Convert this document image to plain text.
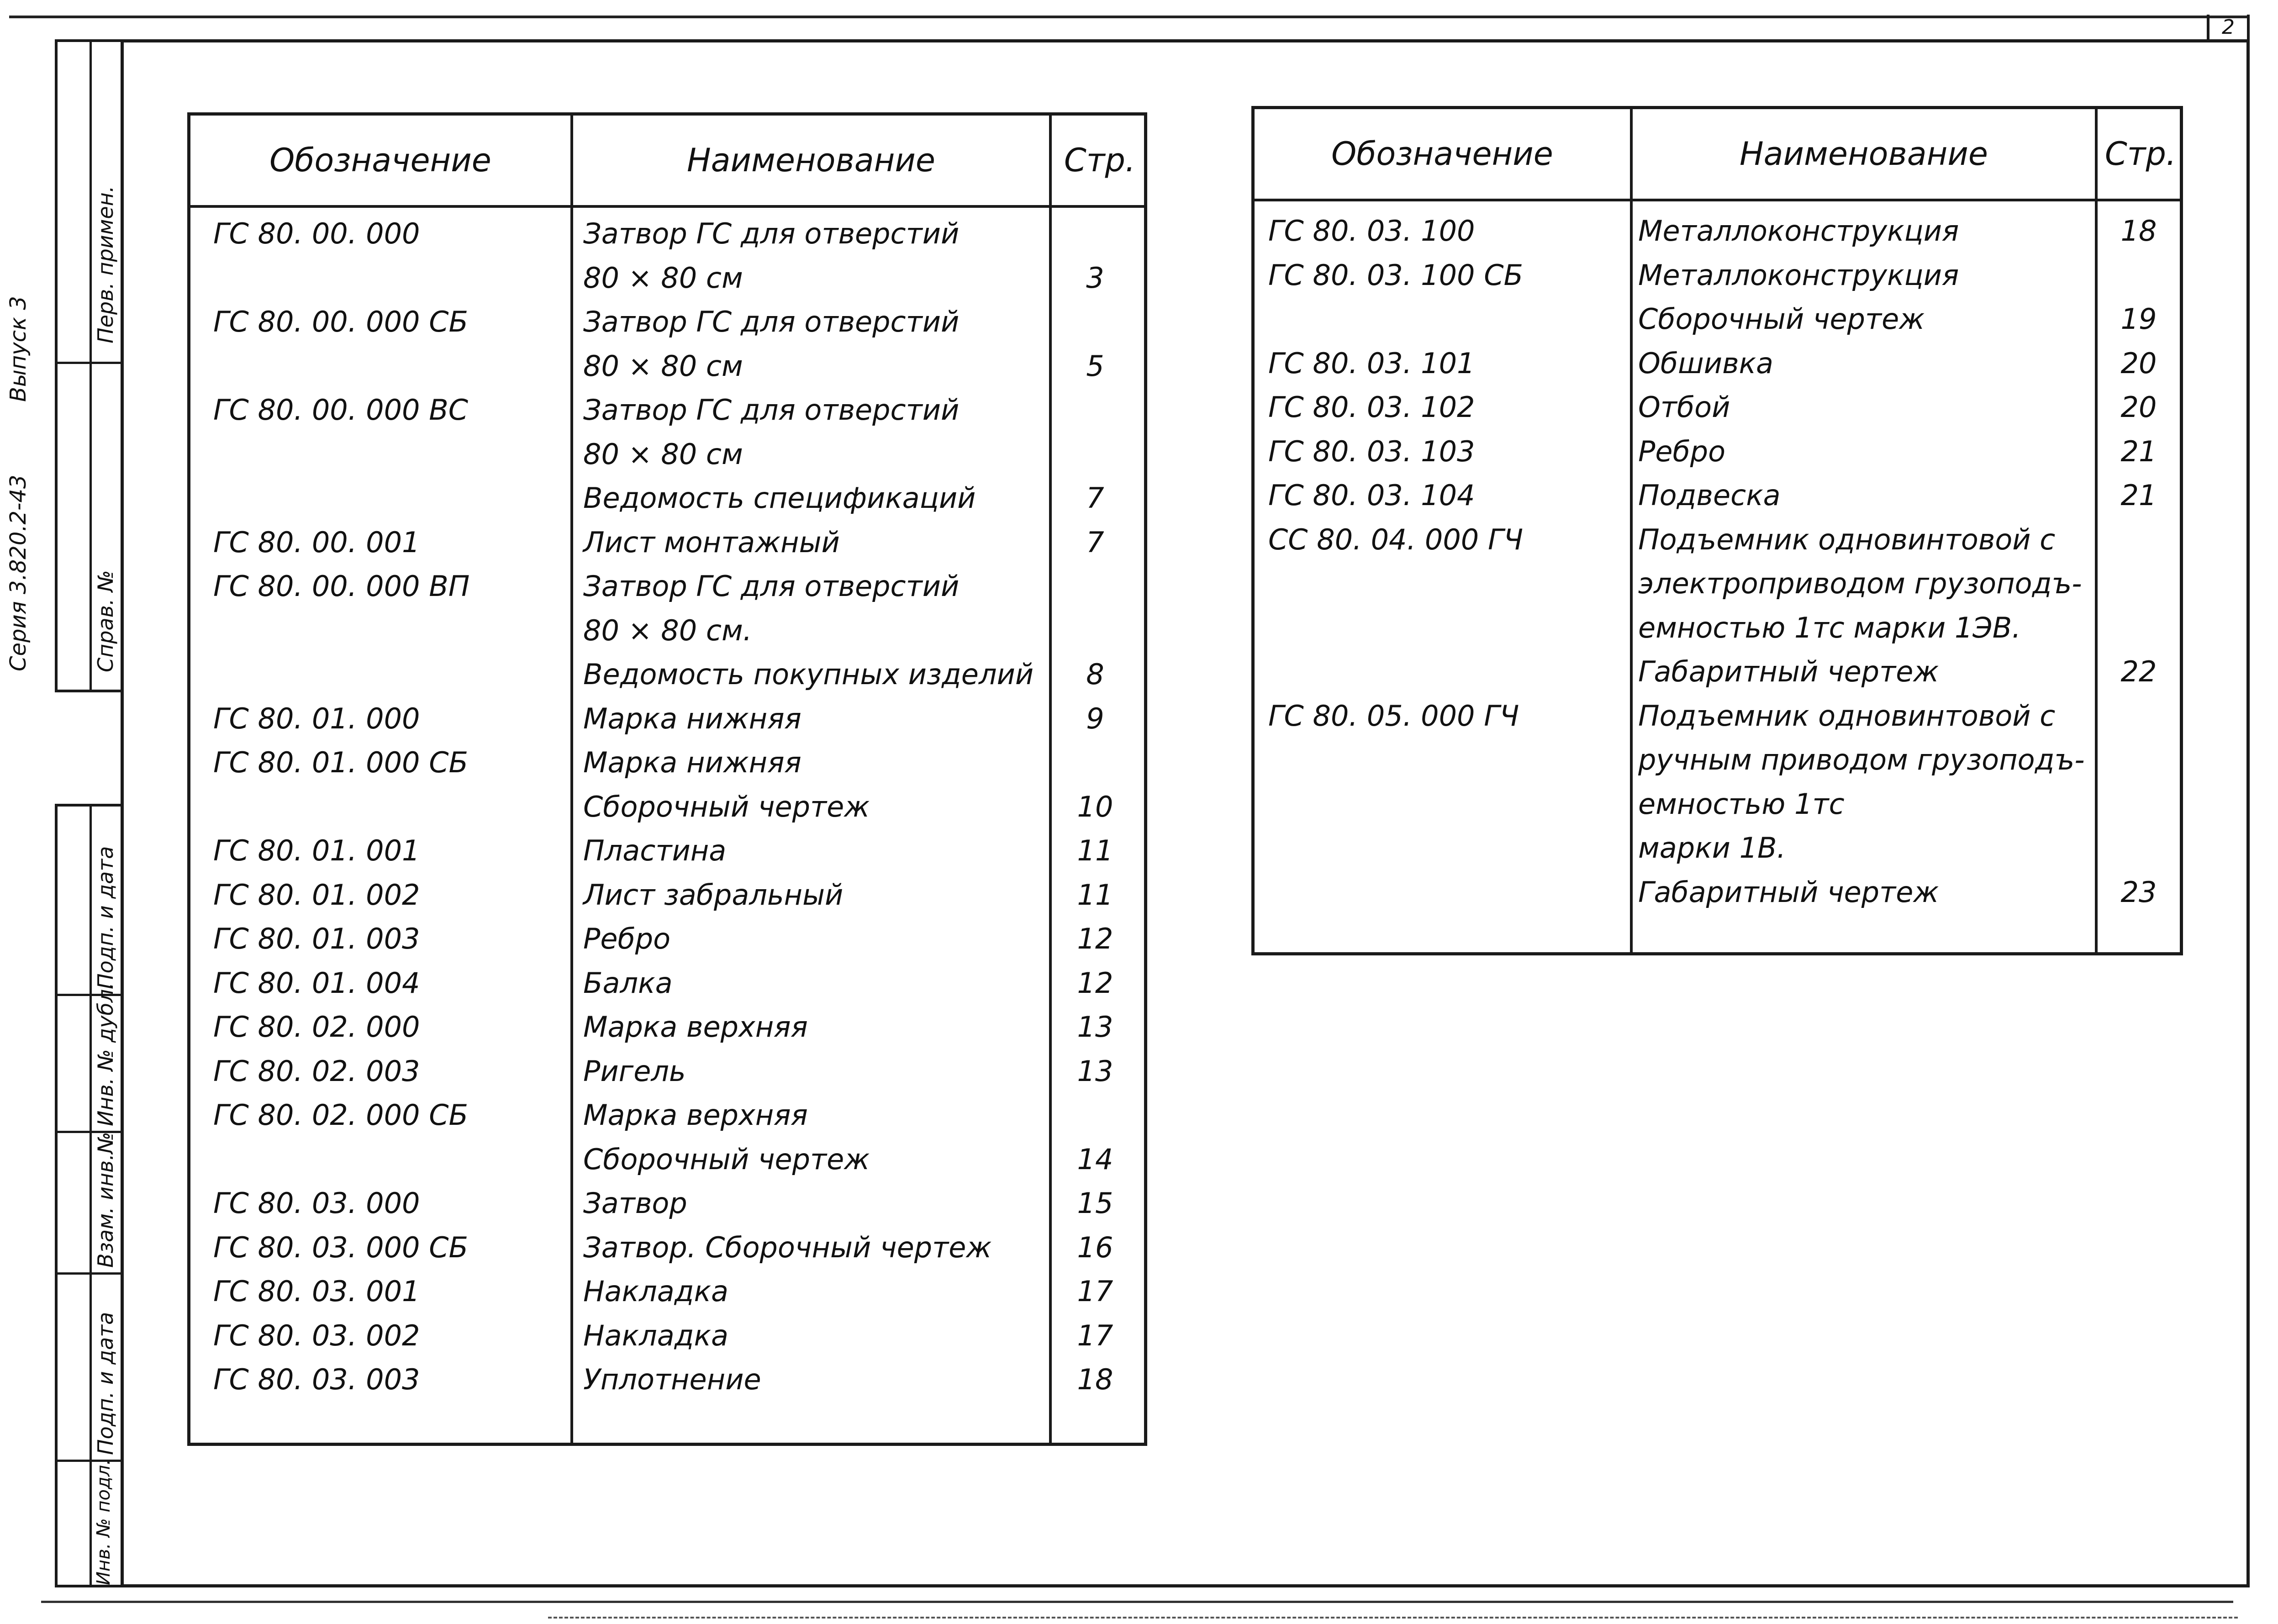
2
Перв. примен.
Справ. №
Выпуск 3
Серия 3.820.2-43
Подп. и дата
Инв. № дубл.
Взам. инв.№
Подп. и дата
Инв. № подл.
Обозначение	Наименование	Стр.
ГС 80. 00. 000	Затвор ГС для отверстий
80 × 80 см	3
ГС 80. 00. 000 СБ	Затвор ГС для отверстий
80 × 80 см	5
ГС 80. 00. 000 ВС	Затвор ГС для отверстий
80 × 80 см
Ведомость спецификаций	7
ГС 80. 00. 001	Лист монтажный	7
ГС 80. 00. 000 ВП	Затвор ГС для отверстий
80 × 80 см.
Ведомость покупных изделий	8
ГС 80. 01. 000	Марка нижняя	9
ГС 80. 01. 000 СБ	Марка нижняя
Сборочный чертеж	10
ГС 80. 01. 001	Пластина	11
ГС 80. 01. 002	Лист забральный	11
ГС 80. 01. 003	Ребро	12
ГС 80. 01. 004	Балка	12
ГС 80. 02. 000	Марка верхняя	13
ГС 80. 02. 003	Ригель	13
ГС 80. 02. 000 СБ	Марка верхняя
Сборочный чертеж	14
ГС 80. 03. 000	Затвор	15
ГС 80. 03. 000 СБ	Затвор. Сборочный чертеж	16
ГС 80. 03. 001	Накладка	17
ГС 80. 03. 002	Накладка	17
ГС 80. 03. 003	Уплотнение	18
Обозначение	Наименование	Стр.
ГС 80. 03. 100	Металлоконструкция	18
ГС 80. 03. 100 СБ	Металлоконструкция
Сборочный чертеж	19
ГС 80. 03. 101	Обшивка	20
ГС 80. 03. 102	Отбой	20
ГС 80. 03. 103	Ребро	21
ГС 80. 03. 104	Подвеска	21
СС 80. 04. 000 ГЧ	Подъемник одновинтовой с
электроприводом грузоподъ-
емностью 1тс марки 1ЭВ.
Габаритный чертеж	22
ГС 80. 05. 000 ГЧ	Подъемник одновинтовой с
ручным приводом грузоподъ-
емностью 1тс
марки 1В.
Габаритный чертеж	23
